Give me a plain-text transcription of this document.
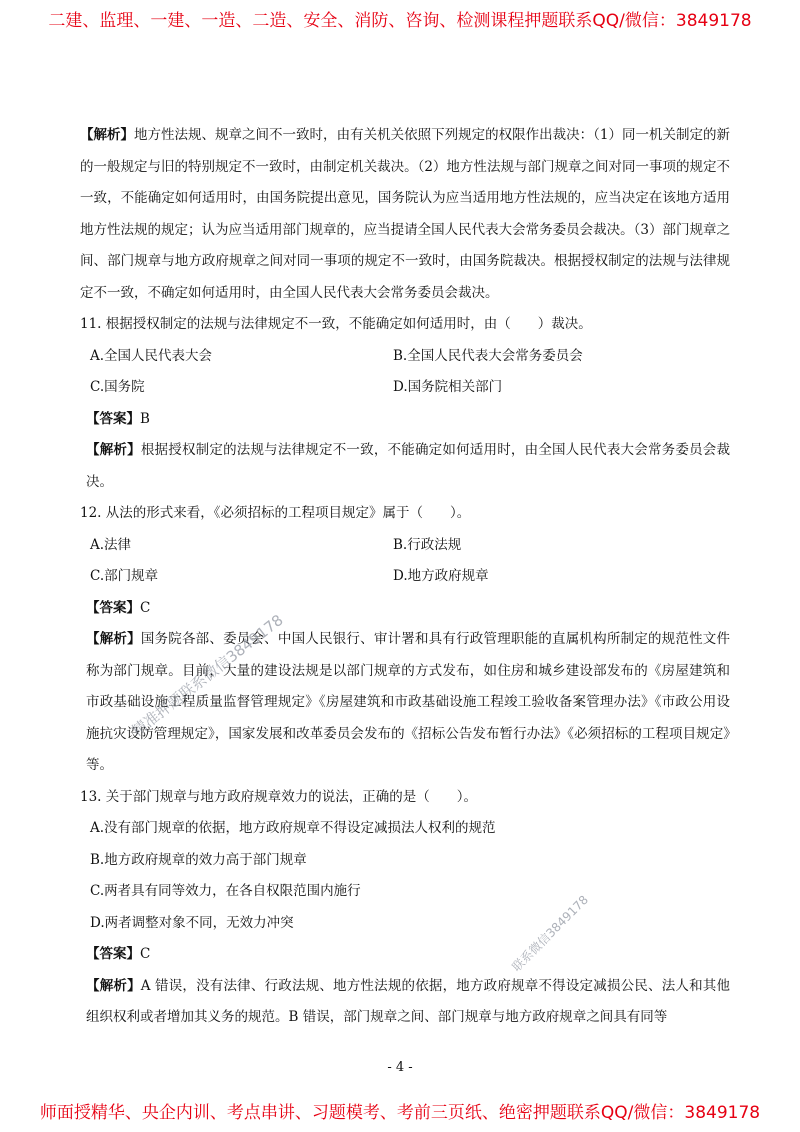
二建、监理、一建、一造、二造、安全、消防、咨询、检测课程押题联系QQ/微信：3849178

【解析】地方性法规、规章之间不一致时，由有关机关依照下列规定的权限作出裁决：（1）同一机关制定的新的一般规定与旧的特别规定不一致时，由制定机关裁决。（2）地方性法规与部门规章之间对同一事项的规定不一致，不能确定如何适用时，由国务院提出意见，国务院认为应当适用地方性法规的，应当决定在该地方适用地方性法规的规定；认为应当适用部门规章的，应当提请全国人民代表大会常务委员会裁决。（3）部门规章之间、部门规章与地方政府规章之间对同一事项的规定不一致时，由国务院裁决。根据授权制定的法规与法律规定不一致，不确定如何适用时，由全国人民代表大会常务委员会裁决。

11. 根据授权制定的法规与法律规定不一致，不能确定如何适用时，由（　　）裁决。

A.全国人民代表大会	B.全国人民代表大会常务委员会
C.国务院	D.国务院相关部门

【答案】B

【解析】根据授权制定的法规与法律规定不一致，不能确定如何适用时，由全国人民代表大会常务委员会裁决。

12. 从法的形式来看，《必须招标的工程项目规定》属于（　　）。

A.法律	B.行政法规
C.部门规章	D.地方政府规章

【答案】C

【解析】国务院各部、委员会、中国人民银行、审计署和具有行政管理职能的直属机构所制定的规范性文件称为部门规章。目前，大量的建设法规是以部门规章的方式发布，如住房和城乡建设部发布的《房屋建筑和市政基础设施工程质量监督管理规定》《房屋建筑和市政基础设施工程竣工验收备案管理办法》《市政公用设施抗灾设防管理规定》，国家发展和改革委员会发布的《招标公告发布暂行办法》《必须招标的工程项目规定》等。

13. 关于部门规章与地方政府规章效力的说法，正确的是（　　）。

A.没有部门规章的依据，地方政府规章不得设定减损法人权利的规范

B.地方政府规章的效力高于部门规章

C.两者具有同等效力，在各自权限范围内施行

D.两者调整对象不同，无效力冲突

【答案】C

【解析】A 错误，没有法律、行政法规、地方性法规的依据，地方政府规章不得设定减损公民、法人和其他组织权利或者增加其义务的规范。B 错误，部门规章之间、部门规章与地方政府规章之间具有同等

精准押题联系微信3849178
联系微信3849178
- 4 -
师面授精华、央企内训、考点串讲、习题模考、考前三页纸、绝密押题联系QQ/微信：3849178
